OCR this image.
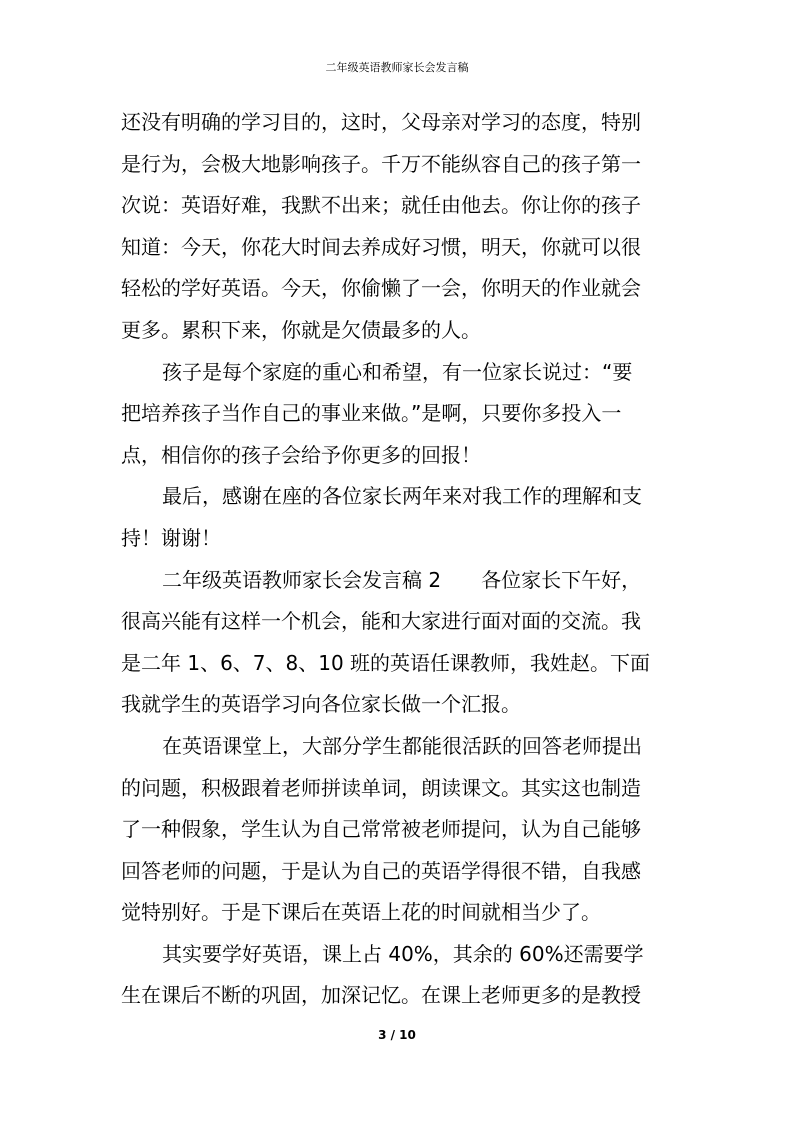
二年级英语教师家长会发言稿
还没有明确的学习目的，这时，父母亲对学习的态度，特别
是行为，会极大地影响孩子。千万不能纵容自己的孩子第一
次说：英语好难，我默不出来；就任由他去。你让你的孩子
知道：今天，你花大时间去养成好习惯，明天，你就可以很
轻松的学好英语。今天，你偷懒了一会，你明天的作业就会
更多。累积下来，你就是欠债最多的人。
孩子是每个家庭的重心和希望，有一位家长说过：“要
把培养孩子当作自己的事业来做。”是啊，只要你多投入一
点，相信你的孩子会给予你更多的回报！
最后，感谢在座的各位家长两年来对我工作的理解和支
持！谢谢！
二年级英语教师家长会发言稿 2　　各位家长下午好，
很高兴能有这样一个机会，能和大家进行面对面的交流。我
是二年 1、6、7、8、10 班的英语任课教师，我姓赵。下面
我就学生的英语学习向各位家长做一个汇报。
在英语课堂上，大部分学生都能很活跃的回答老师提出
的问题，积极跟着老师拼读单词，朗读课文。其实这也制造
了一种假象，学生认为自己常常被老师提问，认为自己能够
回答老师的问题，于是认为自己的英语学得很不错，自我感
觉特别好。于是下课后在英语上花的时间就相当少了。
其实要学好英语，课上占 40%，其余的 60%还需要学
生在课后不断的巩固，加深记忆。在课上老师更多的是教授
3 / 10
